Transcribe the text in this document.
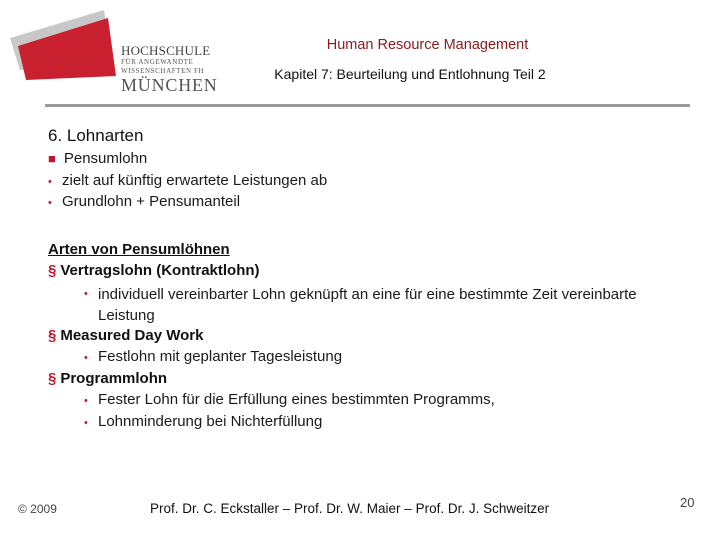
HOCHSCHULE
FÜR ANGEWANDTE
WISSENSCHAFTEN FH
MÜNCHEN
Human Resource Management
Kapitel 7: Beurteilung und Entlohnung Teil 2
6. Lohnarten
■ Pensumlohn
• zielt auf künftig erwartete Leistungen ab
• Grundlohn + Pensumanteil
Arten von Pensumlöhnen
§ Vertragslohn (Kontraktlohn)
• individuell vereinbarter Lohn geknüpft an eine für eine bestimmte Zeit vereinbarte Leistung
§ Measured Day Work
• Festlohn mit geplanter Tagesleistung
§ Programmlohn
• Fester Lohn für die Erfüllung eines bestimmten Programms,
• Lohnminderung bei Nichterfüllung
© 2009	Prof. Dr. C. Eckstaller – Prof. Dr. W. Maier – Prof. Dr. J. Schweitzer	20
